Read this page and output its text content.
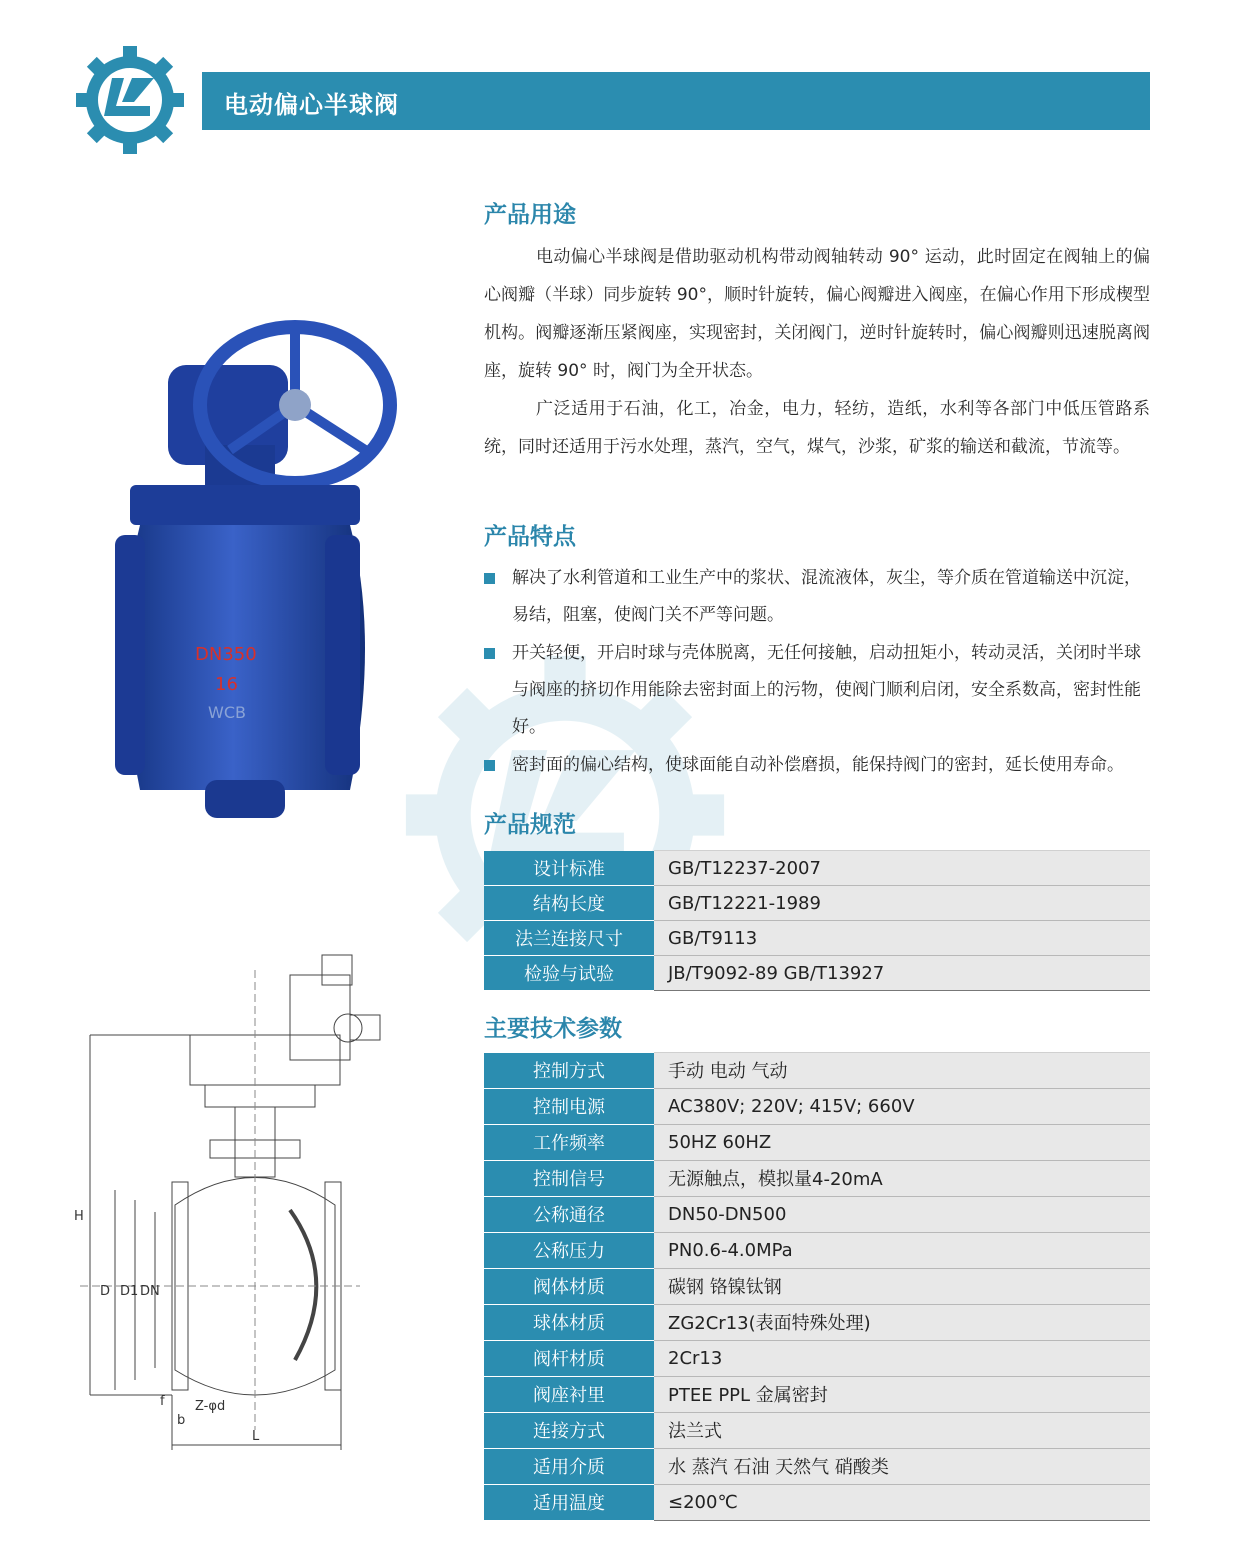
电动偏心半球阀
DN350
16
WCB
H
D D1 DN
Z-φd
f
b
L
产品用途
电动偏心半球阀是借助驱动机构带动阀轴转动 90° 运动，此时固定在阀轴上的偏心阀瓣（半球）同步旋转 90°，顺时针旋转，偏心阀瓣进入阀座，在偏心作用下形成楔型机构。阀瓣逐渐压紧阀座，实现密封，关闭阀门，逆时针旋转时，偏心阀瓣则迅速脱离阀座，旋转 90° 时，阀门为全开状态。
广泛适用于石油，化工，冶金，电力，轻纺，造纸，水利等各部门中低压管路系统，同时还适用于污水处理，蒸汽，空气，煤气，沙浆，矿浆的输送和截流，节流等。
产品特点
解决了水利管道和工业生产中的浆状、混流液体，灰尘，等介质在管道输送中沉淀，易结，阻塞，使阀门关不严等问题。
开关轻便，开启时球与壳体脱离，无任何接触，启动扭矩小，转动灵活，关闭时半球与阀座的挤切作用能除去密封面上的污物，使阀门顺利启闭，安全系数高，密封性能好。
密封面的偏心结构，使球面能自动补偿磨损，能保持阀门的密封，延长使用寿命。
产品规范
设计标准	GB/T12237-2007
结构长度	GB/T12221-1989
法兰连接尺寸	GB/T9113
检验与试验	JB/T9092-89 GB/T13927
主要技术参数
控制方式	手动 电动 气动
控制电源	AC380V; 220V; 415V; 660V
工作频率	50HZ 60HZ
控制信号	无源触点，模拟量4-20mA
公称通径	DN50-DN500
公称压力	PN0.6-4.0MPa
阀体材质	碳钢 铬镍钛钢
球体材质	ZG2Cr13(表面特殊处理)
阀杆材质	2Cr13
阀座衬里	PTEE PPL 金属密封
连接方式	法兰式
适用介质	水 蒸汽 石油 天然气 硝酸类
适用温度	≤200℃
